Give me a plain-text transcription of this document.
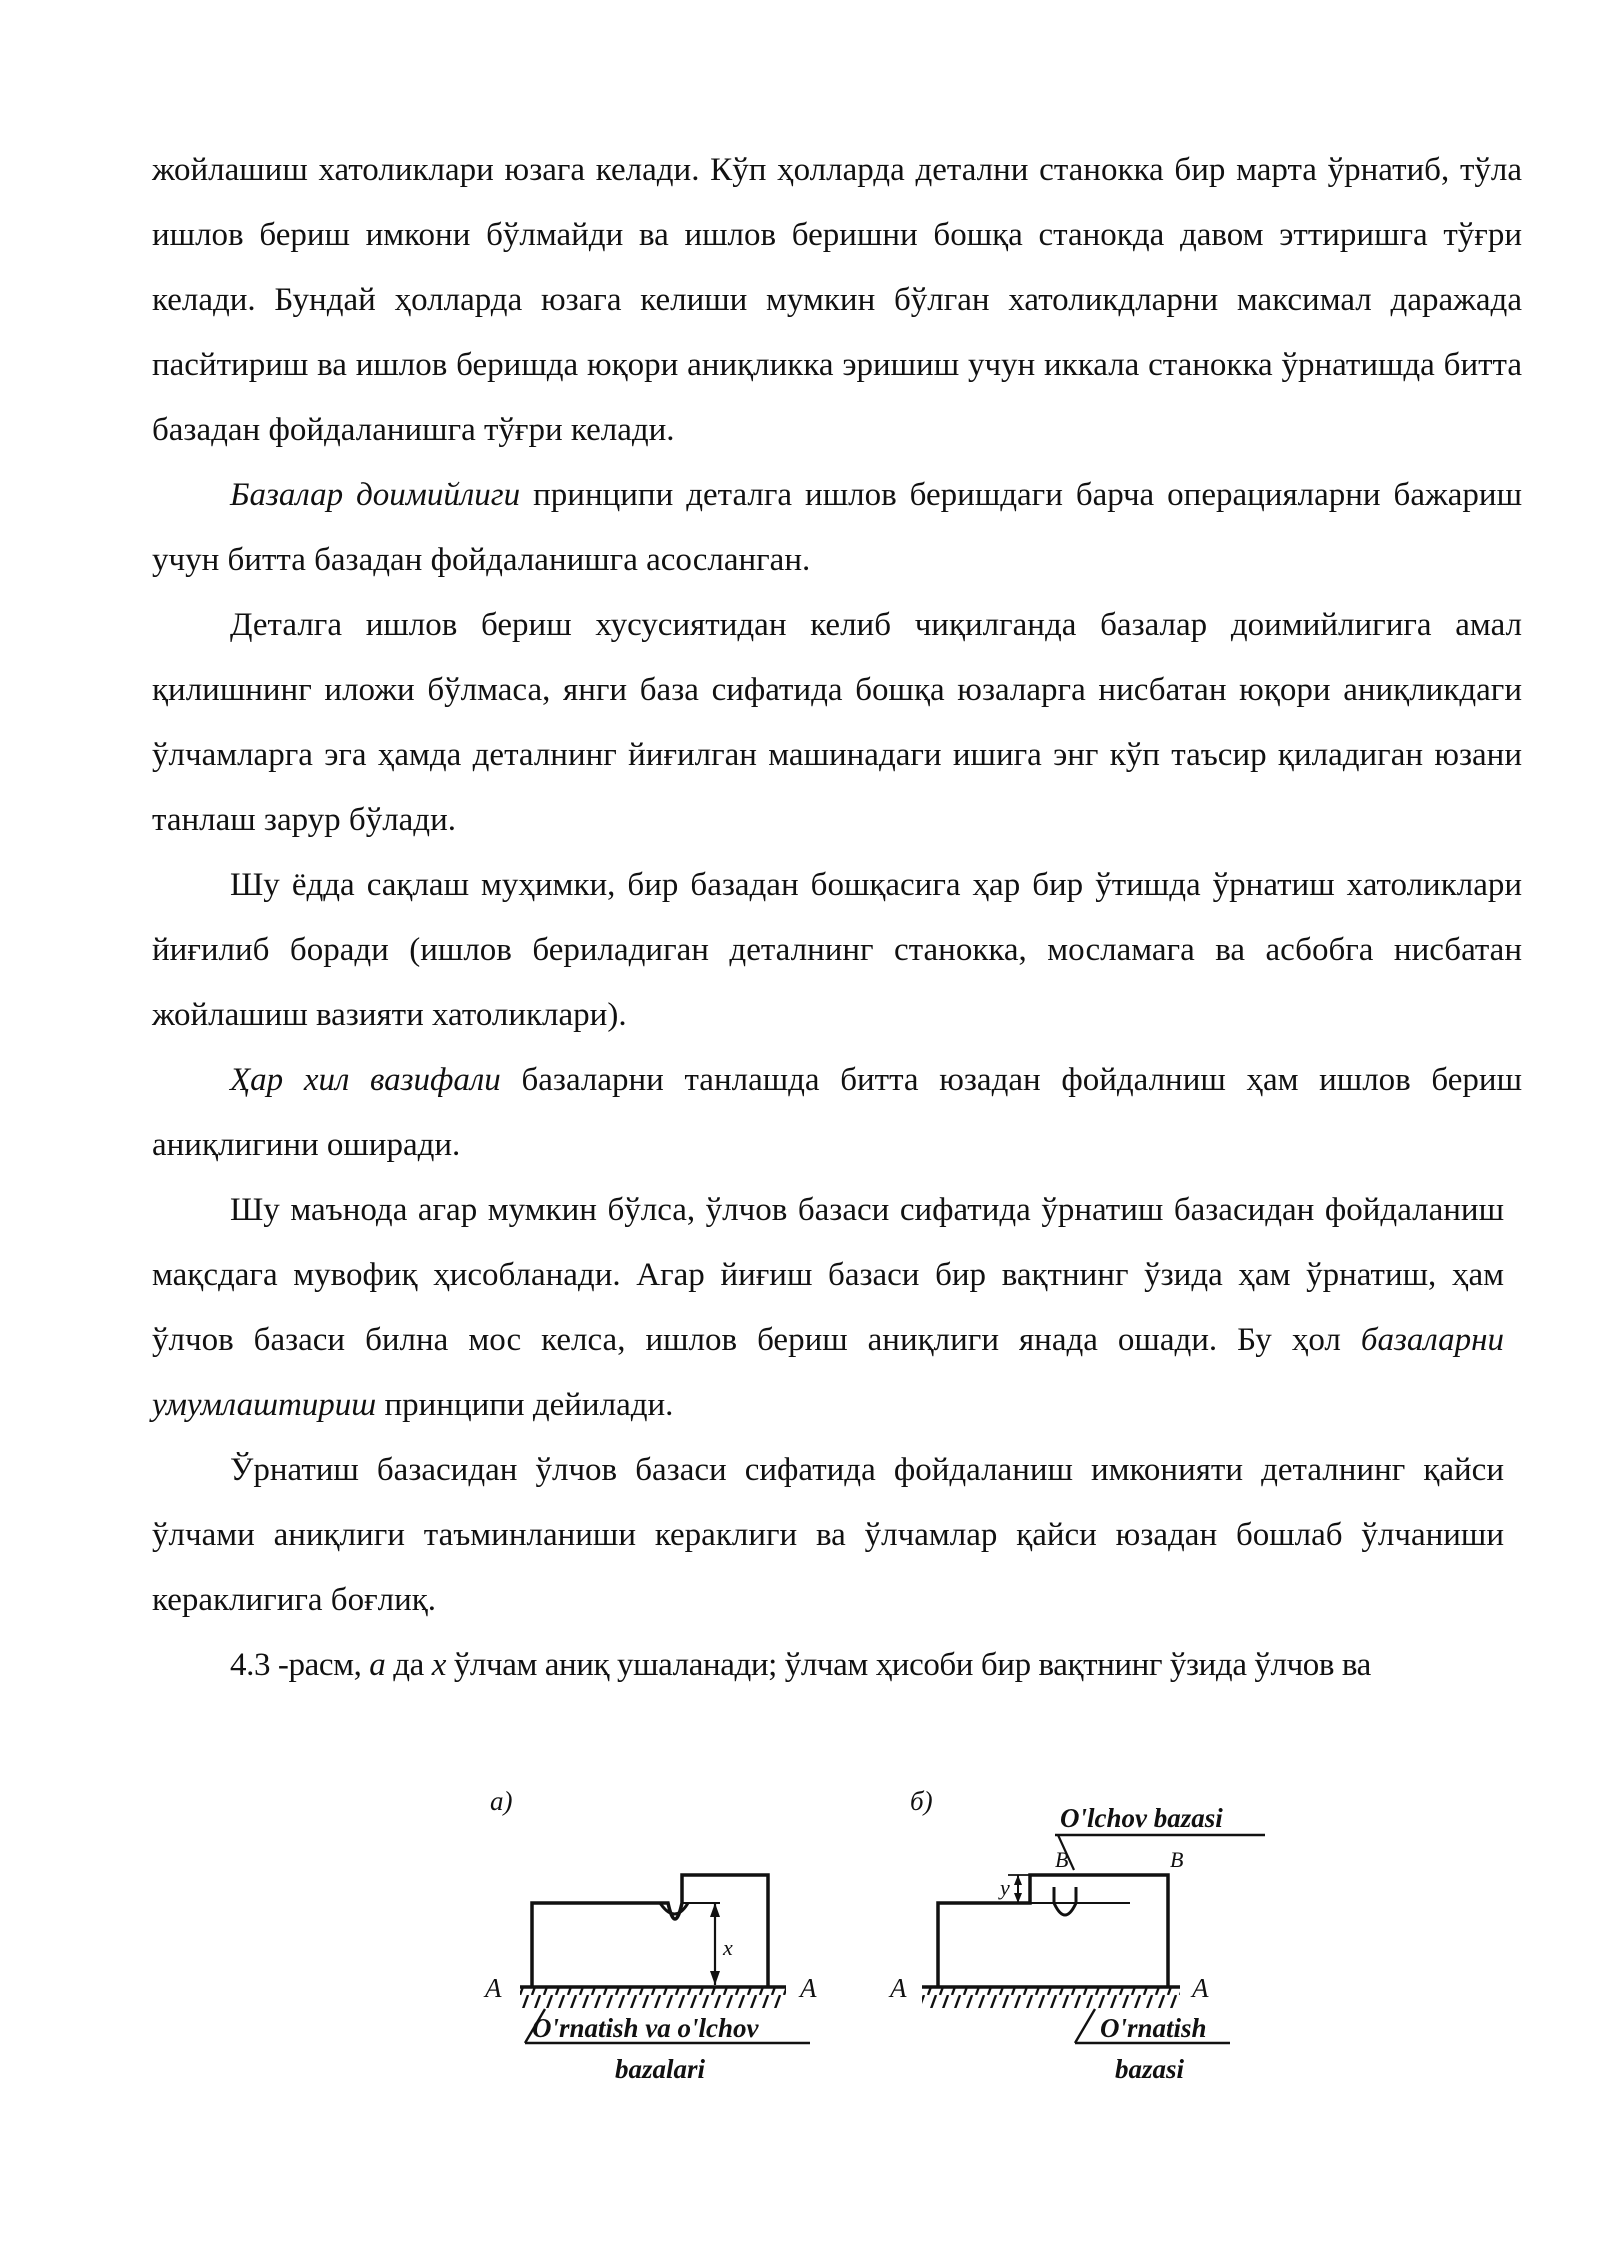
жойлашиш хатоликлари юзага келади. Кўп ҳолларда детални станокка бир марта ўрнатиб, тўла ишлов бериш имкони бўлмайди ва ишлов беришни бошқа станокда давом эттиришга тўғри келади. Бундай ҳолларда юзага келиши мумкин бўлган хатоликдларни максимал даражада пасйтириш ва ишлов беришда юқори аниқликка эришиш учун иккала станокка ўрнатишда битта базадан фойдаланишга тўғри келади.

Базалар доимийлиги принципи деталга ишлов беришдаги барча операцияларни бажариш учун битта базадан фойдаланишга асосланган.

Деталга ишлов бериш хусусиятидан келиб чиқилганда базалар доимийлигига амал қилишнинг иложи бўлмаса, янги база сифатида бошқа юзаларга нисбатан юқори аниқликдаги ўлчамларга эга ҳамда деталнинг йиғилган машинадаги ишига энг кўп таъсир қиладиган юзани танлаш зарур бўлади.

Шу ёдда сақлаш муҳимки, бир базадан бошқасига ҳар бир ўтишда ўрнатиш хатоликлари йиғилиб боради (ишлов бериладиган деталнинг станокка, мосламага ва асбобга нисбатан жойлашиш вазияти хатоликлари).

Ҳар хил вазифали базаларни танлашда битта юзадан фойдалниш ҳам ишлов бериш аниқлигини оширади.

Шу маънода агар мумкин бўлса, ўлчов базаси сифатида ўрнатиш базасидан фойдаланиш мақсдага мувофиқ ҳисобланади. Агар йиғиш базаси бир вақтнинг ўзида ҳам ўрнатиш, ҳам ўлчов базаси билна мос келса, ишлов бериш аниқлиги янада ошади. Бу ҳол базаларни умумлаштириш принципи дейилади.

Ўрнатиш базасидан ўлчов базаси сифатида фойдаланиш имконияти деталнинг қайси ўлчами аниқлиги таъминланиши кераклиги ва ўлчамлар қайси юзадан бошлаб ўлчаниши кераклигига боғлиқ.

4.3 -расм, а да х ўлчам аниқ ушаланади; ўлчам ҳисоби бир вақтнинг ўзида ўлчов ва

а)
A	A
x
O'rnatish va o'lchov
bazalari
б)
O'lchov bazasi
B	B
y
A	A
O'rnatish
bazasi
